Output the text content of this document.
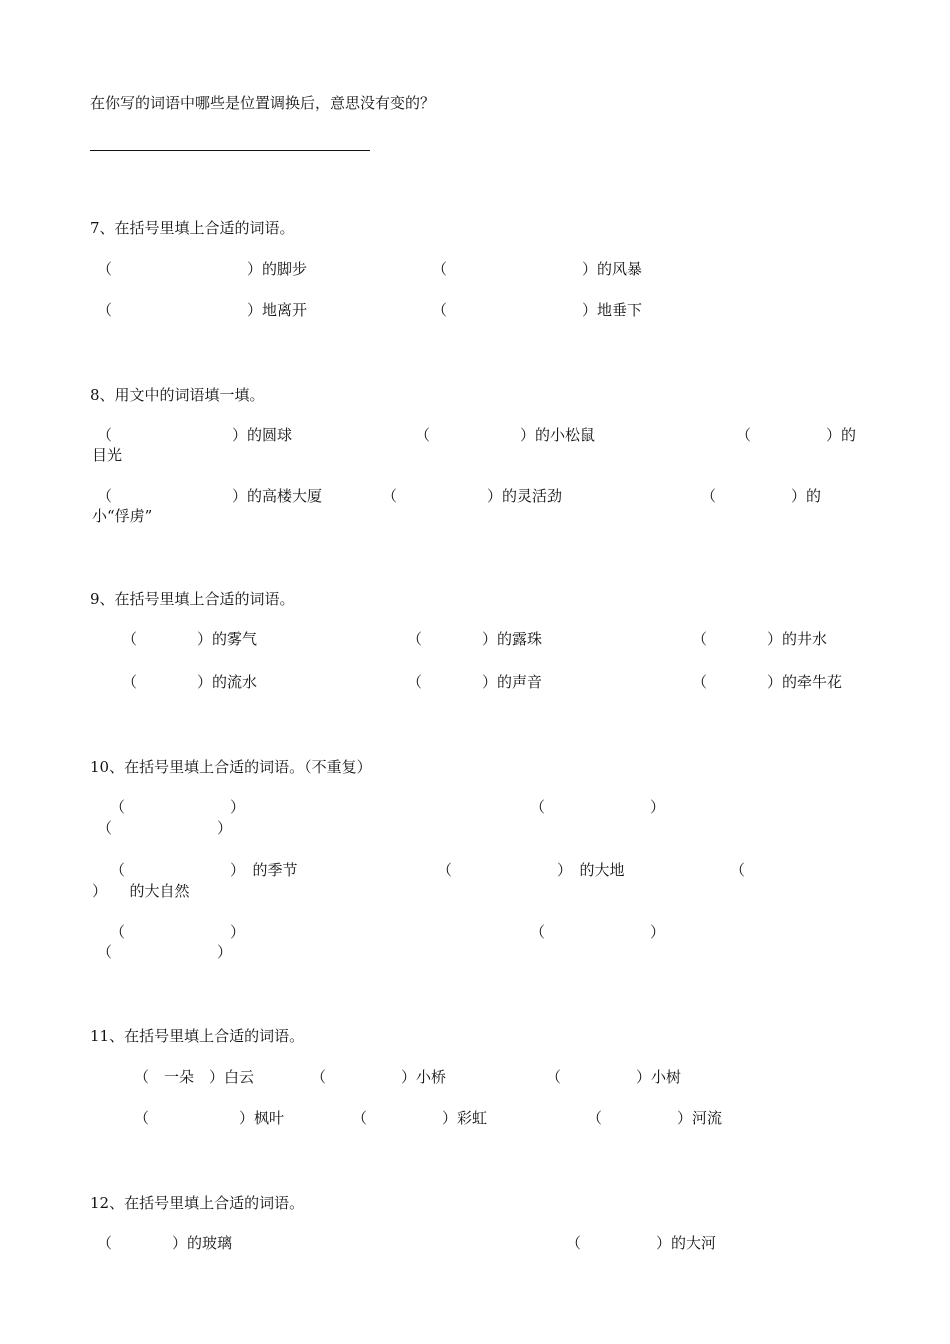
在你写的词语中哪些是位置调换后，意思没有变的？
7、在括号里填上合适的词语。
（　　　　　　　　　）的脚步	（　　　　　　　　　）的风暴
（　　　　　　　　　）地离开	（　　　　　　　　　）地垂下
8、用文中的词语填一填。
（　　　　　　　　）的圆球	（　　　　　　）的小松鼠	（　　　　　）的
目光
（　　　　　　　　）的高楼大厦	（　　　　　　）的灵活劲	（　　　　　）的
小“俘虏”
9、在括号里填上合适的词语。
（　　　　）的雾气	（　　　　）的露珠	（　　　　）的井水
（　　　　）的流水	（　　　　）的声音	（　　　　）的牵牛花
10、在括号里填上合适的词语。（不重复）
（　　　　　　　）	（　　　　　　　）
（　　　　　　　）
（　　　　　　　）　的季节	（　　　　　　　）　的大地	（
）　　的大自然
（　　　　　　　）	（　　　　　　　）
（　　　　　　　）
11、在括号里填上合适的词语。
（　一朵　）白云	（　　　　　）小桥	（　　　　　）小树
（　　　　　　）枫叶	（　　　　　）彩虹	（　　　　　）河流
12、在括号里填上合适的词语。
（　　　　）的玻璃	（　　　　　）的大河
